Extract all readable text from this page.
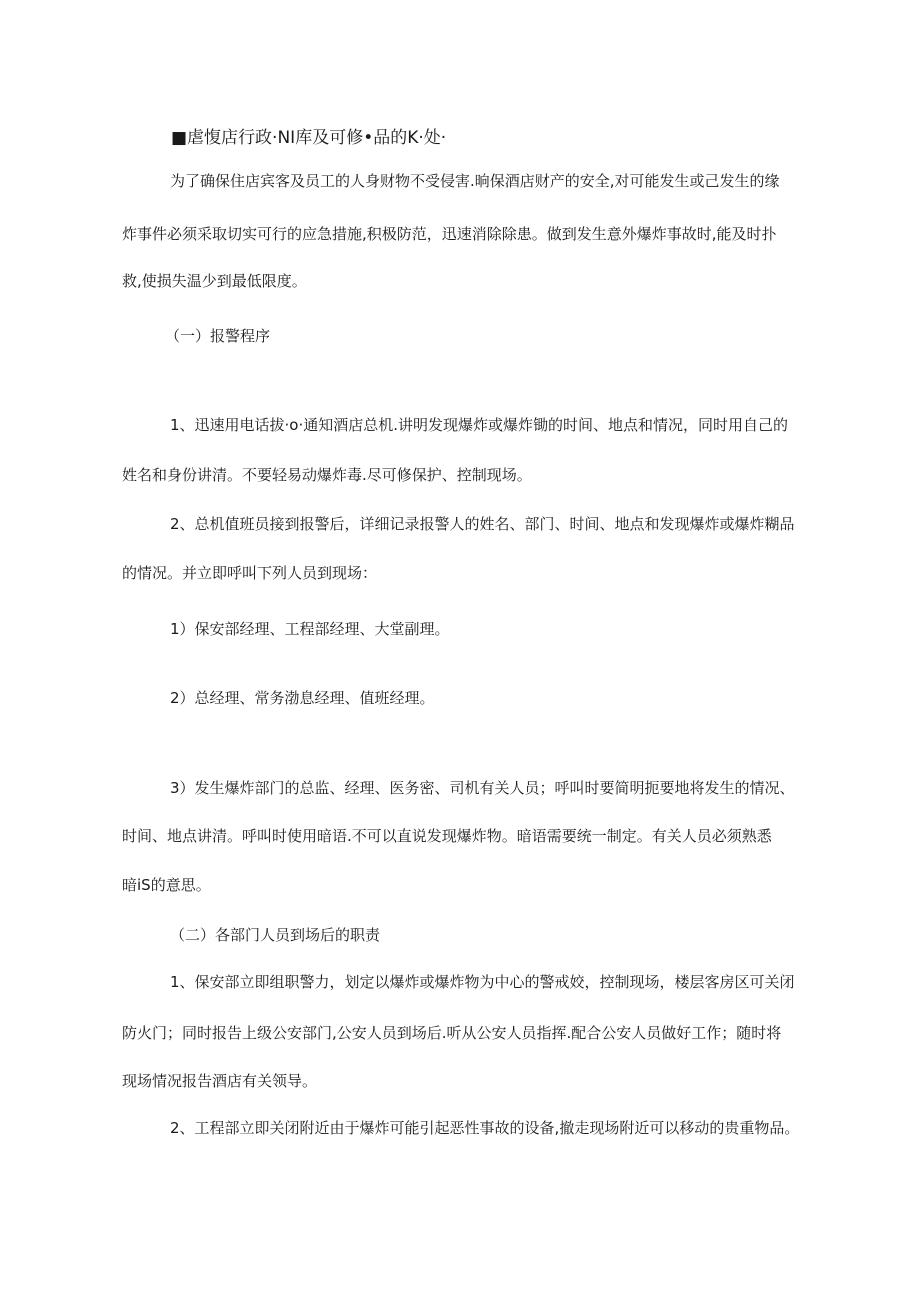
■虐愎店行政·NI库及可修•品的K·处·
为了确保住店宾客及员工的人身财物不受侵害.晌保酒店财产的安全,对可能发生或己发生的缘
炸事件必须采取切实可行的应急措施,积极防范，迅速消除除患。做到发生意外爆炸事故时,能及时扑
救,使损失温少到最低限度。
（一）报警程序
1、迅速用电话拔·o·通知酒店总机.讲明发现爆炸或爆炸锄的时间、地点和情况，同时用自己的
姓名和身份讲清。不要轻易动爆炸毒.尽可修保护、控制现场。
2、总机值班员接到报警后，详细记录报警人的姓名、部门、时间、地点和发现爆炸或爆炸糊品
的情况。并立即呼叫下列人员到现场：
1）保安部经理、工程部经理、大堂副理。
2）总经理、常务渤息经理、值班经理。
3）发生爆炸部门的总监、经理、医务密、司机有关人员；呼叫时要简明扼要地将发生的情况、
时间、地点讲清。呼叫时使用暗语.不可以直说发现爆炸物。暗语需要统一制定。有关人员必须熟悉
暗iS的意思。
（二）各部门人员到场后的职责
1、保安部立即组职警力，划定以爆炸或爆炸物为中心的警戒姣，控制现场，楼层客房区可关闭
防火门；同时报告上级公安部门,公安人员到场后.听从公安人员指挥.配合公安人员做好工作；随时将
现场情况报告酒店有关领导。
2、工程部立即关闭附近由于爆炸可能引起恶性事故的设备,撤走现场附近可以移动的贵重物品。
